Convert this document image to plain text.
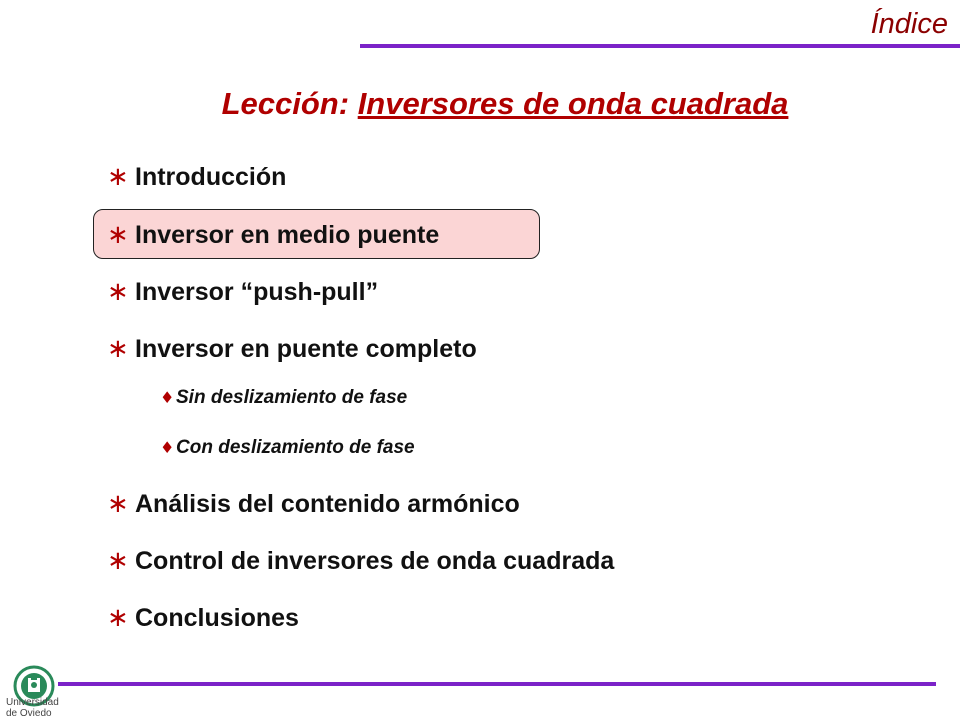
Índice
Lección: Inversores de onda cuadrada
∗ Introducción
∗ Inversor en medio puente
∗ Inversor “push-pull”
∗ Inversor en puente completo
♦Sin deslizamiento de fase
♦Con deslizamiento de fase
∗ Análisis del contenido armónico
∗ Control de inversores de onda cuadrada
∗ Conclusiones
Universidad
de Oviedo
